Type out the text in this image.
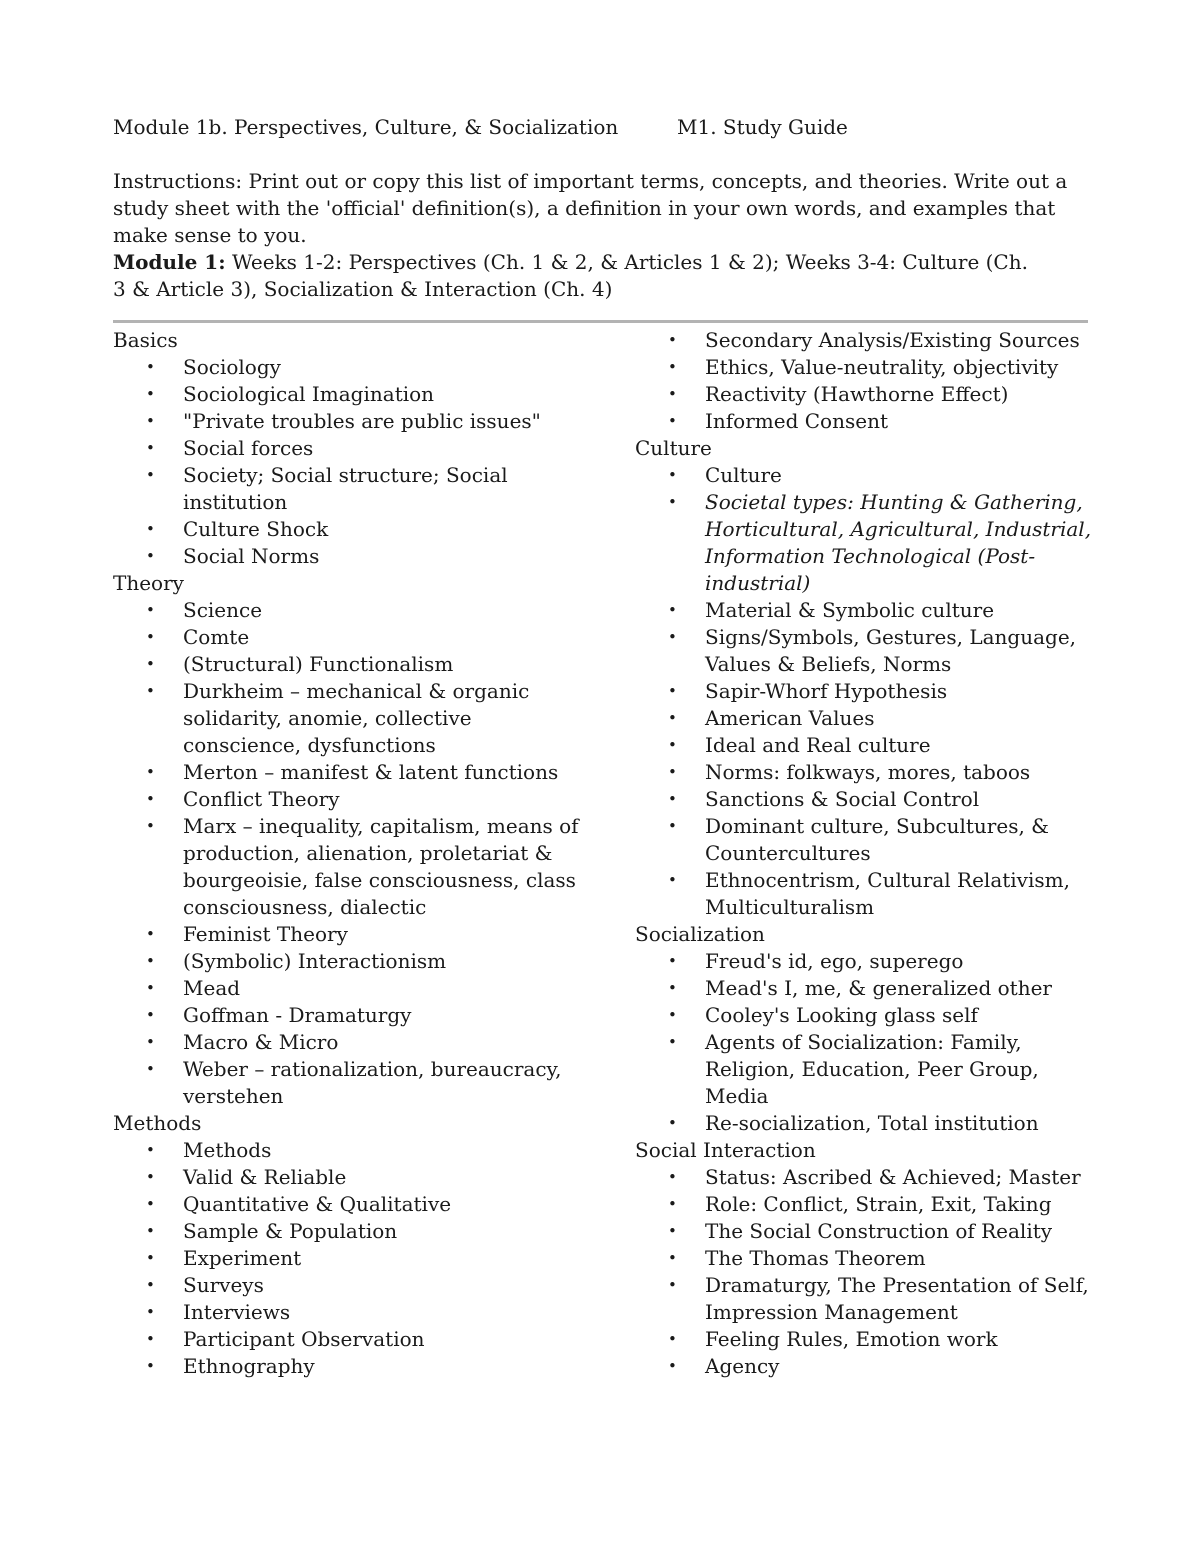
Module 1b. Perspectives, Culture, & Socialization	M1. Study Guide
Instructions: Print out or copy this list of important terms, concepts, and theories. Write out a study sheet with the 'official' definition(s), a definition in your own words, and examples that make sense to you.
Module 1: Weeks 1-2: Perspectives (Ch. 1 & 2, & Articles 1 & 2); Weeks 3-4: Culture (Ch. 3 & Article 3), Socialization & Interaction (Ch. 4)
Basics
• Sociology
• Sociological Imagination
• "Private troubles are public issues"
• Social forces
• Society; Social structure; Social institution
• Culture Shock
• Social Norms
Theory
• Science
• Comte
• (Structural) Functionalism
• Durkheim – mechanical & organic solidarity, anomie, collective conscience, dysfunctions
• Merton – manifest & latent functions
• Conflict Theory
• Marx – inequality, capitalism, means of production, alienation, proletariat & bourgeoisie, false consciousness, class consciousness, dialectic
• Feminist Theory
• (Symbolic) Interactionism
• Mead
• Goffman - Dramaturgy
• Macro & Micro
• Weber – rationalization, bureaucracy, verstehen
Methods
• Methods
• Valid & Reliable
• Quantitative & Qualitative
• Sample & Population
• Experiment
• Surveys
• Interviews
• Participant Observation
• Ethnography
• Secondary Analysis/Existing Sources
• Ethics, Value-neutrality, objectivity
• Reactivity (Hawthorne Effect)
• Informed Consent
Culture
• Culture
• Societal types: Hunting & Gathering, Horticultural, Agricultural, Industrial, Information Technological (Post-industrial)
• Material & Symbolic culture
• Signs/Symbols, Gestures, Language, Values & Beliefs, Norms
• Sapir-Whorf Hypothesis
• American Values
• Ideal and Real culture
• Norms: folkways, mores, taboos
• Sanctions & Social Control
• Dominant culture, Subcultures, & Countercultures
• Ethnocentrism, Cultural Relativism, Multiculturalism
Socialization
• Freud's id, ego, superego
• Mead's I, me, & generalized other
• Cooley's Looking glass self
• Agents of Socialization: Family, Religion, Education, Peer Group, Media
• Re-socialization, Total institution
Social Interaction
• Status: Ascribed & Achieved; Master
• Role: Conflict, Strain, Exit, Taking
• The Social Construction of Reality
• The Thomas Theorem
• Dramaturgy, The Presentation of Self, Impression Management
• Feeling Rules, Emotion work
• Agency
